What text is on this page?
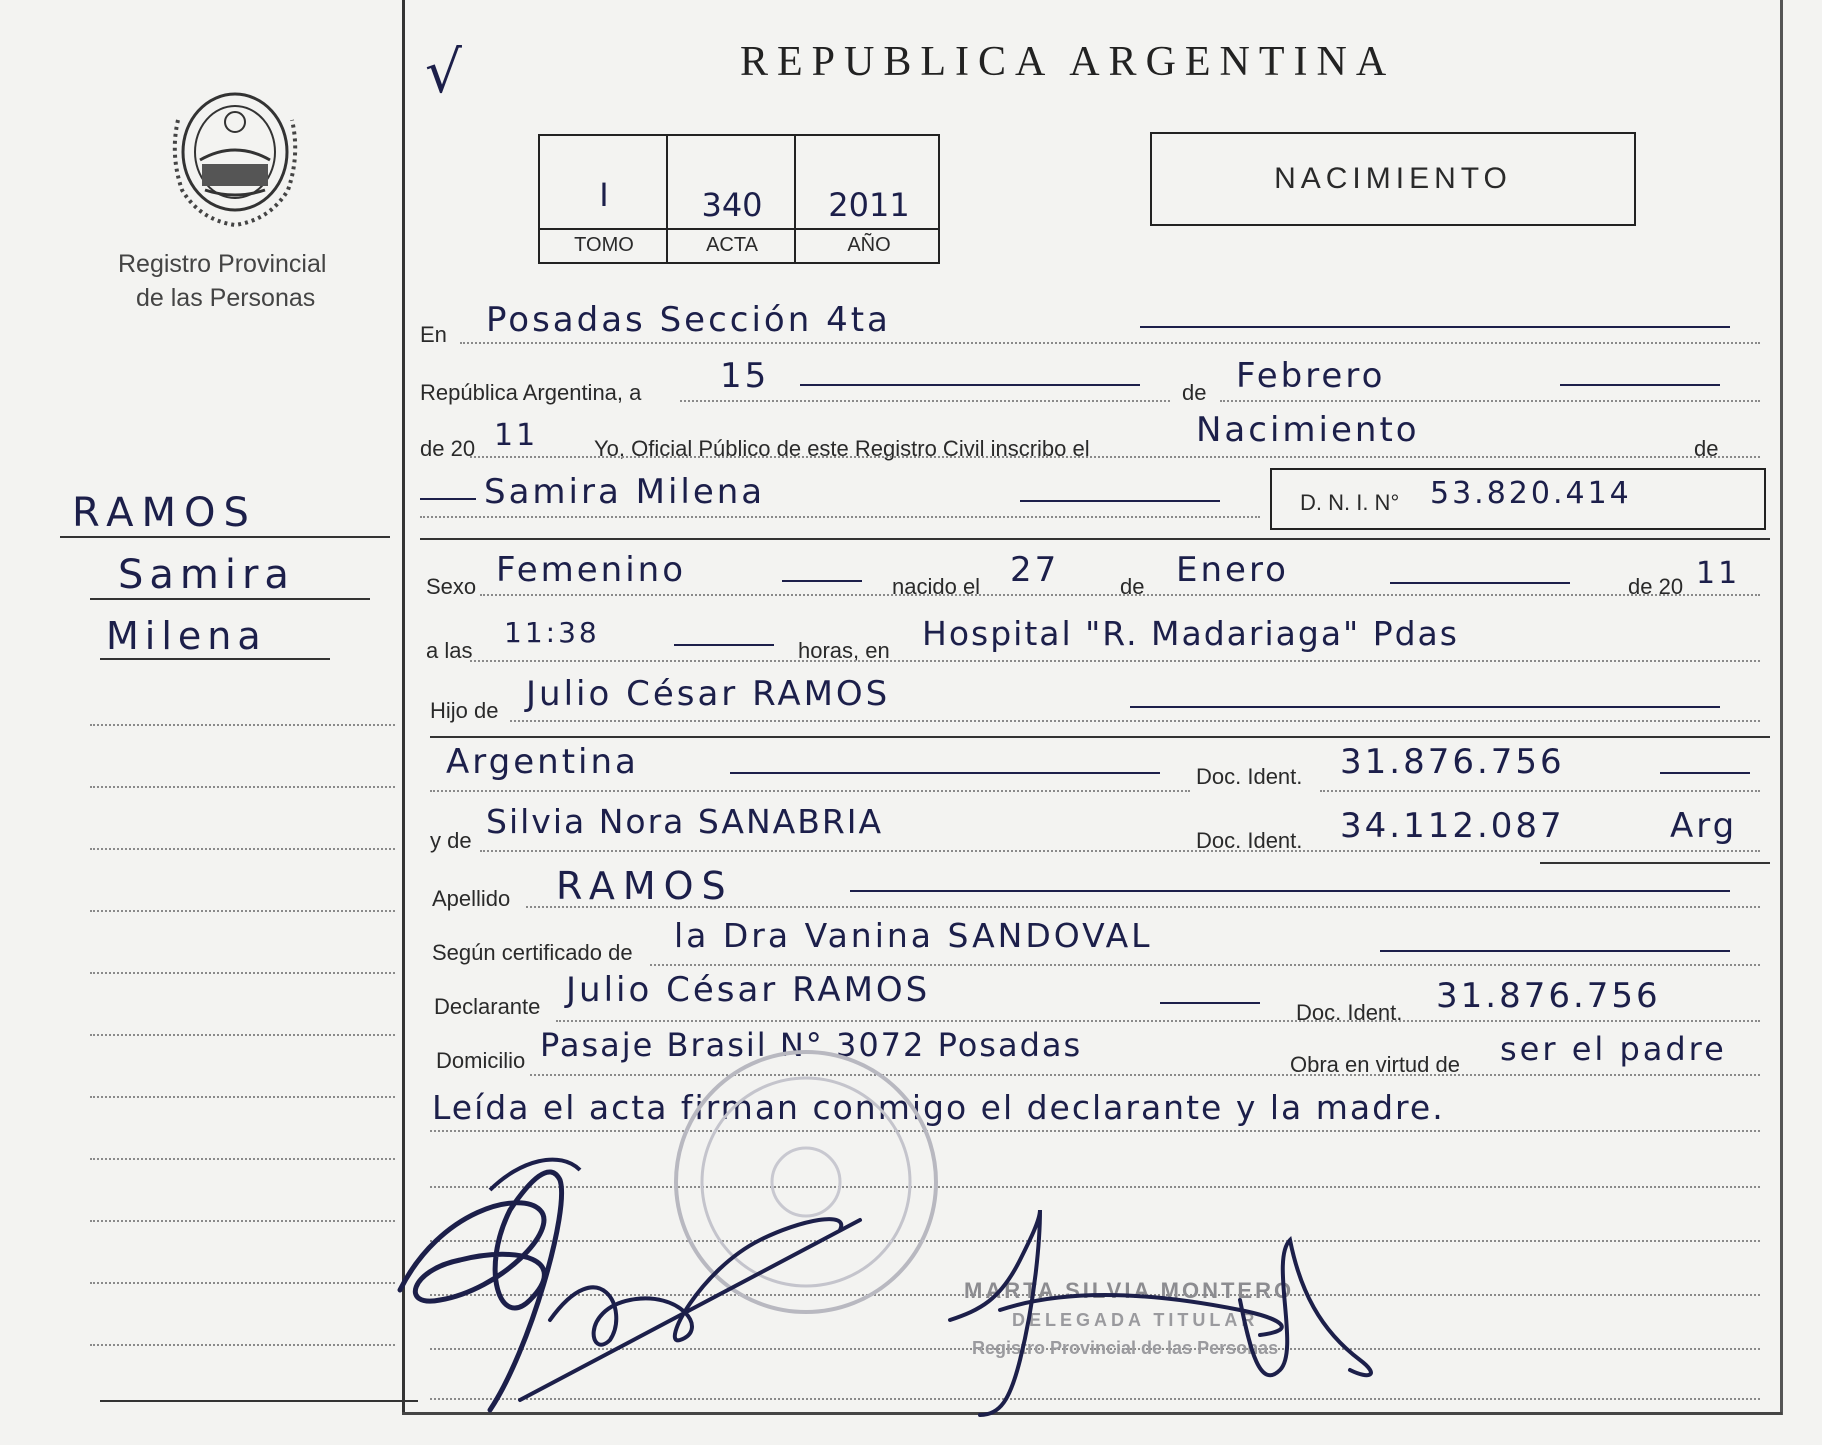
Registro Provincial
de las Personas
RAMOS
Samira
Milena
√	REPUBLICA ARGENTINA
I	340	2011
TOMO	ACTA	AÑO
NACIMIENTO
En Posadas Sección 4ta
República Argentina, a 15	de Febrero
de 20 11	Yo, Oficial Público de este Registro Civil inscribo el	Nacimiento	de
Samira Milena	D. N. I. N° 53.820.414
Sexo Femenino	nacido el 27	de Enero	de 20 11
a las
11:38
horas, en Hospital "R. Madariaga" Pdas
Hijo de Julio César RAMOS
Argentina	Doc. Ident. 31.876.756
y de Silvia Nora SANABRIA	Doc. Ident. 34.112.087	Arg
Apellido RAMOS
Según certificado de la Dra Vanina SANDOVAL
Declarante Julio César RAMOS
Doc. Ident. 31.876.756
Domicilio Pasaje Brasil N° 3072 Posadas
Obra en virtud de ser el padre
Leída el acta firman conmigo el declarante y la madre.
MARTA SILVIA MONTERO
DELEGADA TITULAR
Registro Provincial de las Personas
